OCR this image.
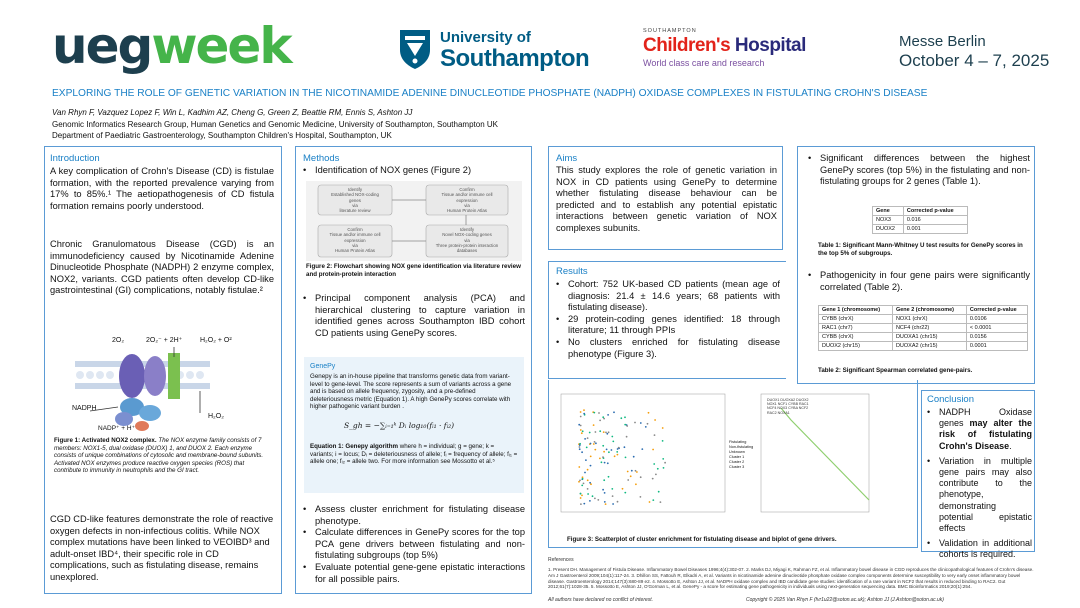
uegweek	University of
Southampton
SOUTHAMPTON
Children's Hospital
World class care and research
Messe Berlin
October 4 – 7, 2025
EXPLORING THE ROLE OF GENETIC VARIATION IN THE NICOTINAMIDE ADENINE DINUCLEOTIDE PHOSPHATE (NADPH) OXIDASE COMPLEXES IN FISTULATING CROHN'S DISEASE
Van Rhyn F, Vazquez Lopez F, Win L, Kadhim AZ, Cheng G, Green Z, Beattie RM, Ennis S, Ashton JJ
Genomic Informatics Research Group, Human Genetics and Genomic Medicine, University of Southampton, Southampton UK
Department of Paediatric Gastroenterology, Southampton Children's Hospital, Southampton, UK
Introduction
A key complication of Crohn's Disease (CD) is fistulae formation, with the reported prevalence varying from 17% to 85%.¹ The aetiopathogenesis of CD fistula formation remains poorly understood.
Chronic Granulomatous Disease (CGD) is an immunodeficiency caused by Nicotinamide Adenine Dinucleotide Phosphate (NADPH) 2 enzyme complex, NOX2, variants. CGD patients often develop CD-like gastrointestinal (GI) complications, notably fistulae.²
2O₂	2O₂⁻ + 2H⁺	H₂O₂ + O²
NADPH
NADP⁺ + H⁺
H₂O₂
Figure 1: Activated NOX2 complex. The NOX enzyme family consists of 7 members: NOX1-5, dual oxidase (DUOX) 1, and DUOX 2. Each enzyme consists of unique combinations of cytosolic and membrane-bound subunits. Activated NOX enzymes produce reactive oxygen species (ROS) that contribute to immunity in neutrophils and the GI tract.
CGD CD-like features demonstrate the role of reactive oxygen defects in non-infectious colitis. While NOX complex mutations have been linked to VEOIBD³ and adult-onset IBD⁴, their specific role in CD complications, such as fistulating disease, remains unexplored.
Methods
• Identification of NOX genes (Figure 2)
Identify
Established NOX-coding
genes
via
literature review
Confirm
Tissue and/or immune cell
expression
via
Human Protein Atlas
Confirm
Tissue and/or immune cell
expression
via
Human Protein Atlas
Identify
Novel NOX-coding genes
via
Three protein-protein interaction
databases
Figure 2: Flowchart showing NOX gene identification via literature review and protein-protein interaction
• Principal component analysis (PCA) and hierarchical clustering to capture variation in identified genes across Southampton IBD cohort CD patients using GenePy scores.
GenePy
Genepy is an in-house pipeline that transforms genetic data from variant-level to gene-level. The score represents a sum of variants across a gene and is based on allele frequency, zygosity, and a pre-defined deleteriousness metric (Equation 1). A high GenePy scores correlate with higher pathogenic variant burden .
S_gh = −∑ᵢ₌₁ᵏ Dᵢ log₁₀(fᵢ₁ · fᵢ₂)
Equation 1: Genepy algorithm where h = individual; g = gene; k = variants; i = locus; Dᵢ = deleteriousness of allele; fᵢ = frequency of allele; fᵢ₁ = allele one; fᵢ₂ = allele two. For more information see Mossotto et al.⁵
• Assess cluster enrichment for fistulating disease phenotype.
• Calculate differences in GenePy scores for the top PCA gene drivers between fistulating and non-fistulating subgroups (top 5%)
• Evaluate potential gene-gene epistatic interactions for all possible pairs.
Aims
This study explores the role of genetic variation in NOX in CD patients using GenePy to determine whether fistulating disease behaviour can be predicted and to establish any potential epistatic interactions between genetic variation of NOX complexes subunits.
• Significant differences between the highest GenePy scores (top 5%) in the fistulating and non-fistulating groups for 2 genes (Table 1).
Gene	Corrected p-value
NOX3	0.016
DUOX2	0.001
Table 1: Significant Mann-Whitney U test results for GenePy scores in the top 5% of subgroups.
• Pathogenicity in four gene pairs were significantly correlated (Table 2).
Gene 1 (chromosome)	Gene 2 (chromosome)	Corrected p-value
CYBB (chrX)	NOX1 (chrX)	0.0106
RAC1 (chr7)	NCF4 (chr22)	< 0.0001
CYBB (chrX)	DUOXA1 (chr15)	0.0156
DUOX2 (chr15)	DUOXA2 (chr15)	0.0001
Table 2: Significant Spearman correlated gene-pairs.
Results
• Cohort: 752 UK-based CD patients (mean age of diagnosis: 21.4 ± 14.6 years; 68 patients with fistulating disease).
• 29 protein-coding genes identified: 18 through literature; 11 through PPIs
• No clusters enriched for fistulating disease phenotype (Figure 3).
Fistulating
Non-fistulating
Unknown
Cluster 1
Cluster 2
Cluster 3
DUOX1 DUOXA2 DUOX2 NOX1 NCF1 CYBB RAC1 NCF4 NOX3 CYBA NCF2 RAC2 NOXA1
Figure 3: Scatterplot of cluster enrichment for fistulating disease and biplot of gene drivers.
Conclusion
• NADPH Oxidase genes may alter the risk of fistulating Crohn's Disease.
• Variation in multiple gene pairs may also contribute to the phenotype, demonstrating potential epistatic effects
• Validation in additional cohorts is required.
References
1. Present DH. Management of Fistula Disease. Inflammatory Bowel Diseases 1996;4(4):302-07. 2. Marks DJ, Miyagi K, Rahman FZ, et al. Inflammatory bowel disease in CGD reproduces the clinicopathological features of Crohn's disease. Am J Gastroenterol 2009;104(1):117-24. 3. Dhillon SS, Fattouh R, Elkadri A, et al. Variants in nicotinamide adenine dinucleotide phosphate oxidase complex components determine susceptibility to very early onset inflammatory bowel disease. Gastroenterology 2014;147(3):680-89 e2. 4. Mossotto E, Ashton JJ, et al. NADPH oxidase complex and IBD candidate gene studies: identification of a rare variant in NCF2 that results in reduced binding to RAC2. Gut 2012;61(7):1028-35. 5. Mossotto E, Ashton JJ, O'Gorman L, et al. GenePy - a score for estimating gene pathogenicity in individuals using next-generation sequencing data. BMC Bioinformatics 2019;20(1):254.
All authors have declared no conflict of interest.	Copyright © 2025 Van Rhyn F (fvr1u22@soton.ac.uk); Ashton JJ (J.Ashton@soton.ac.uk)
